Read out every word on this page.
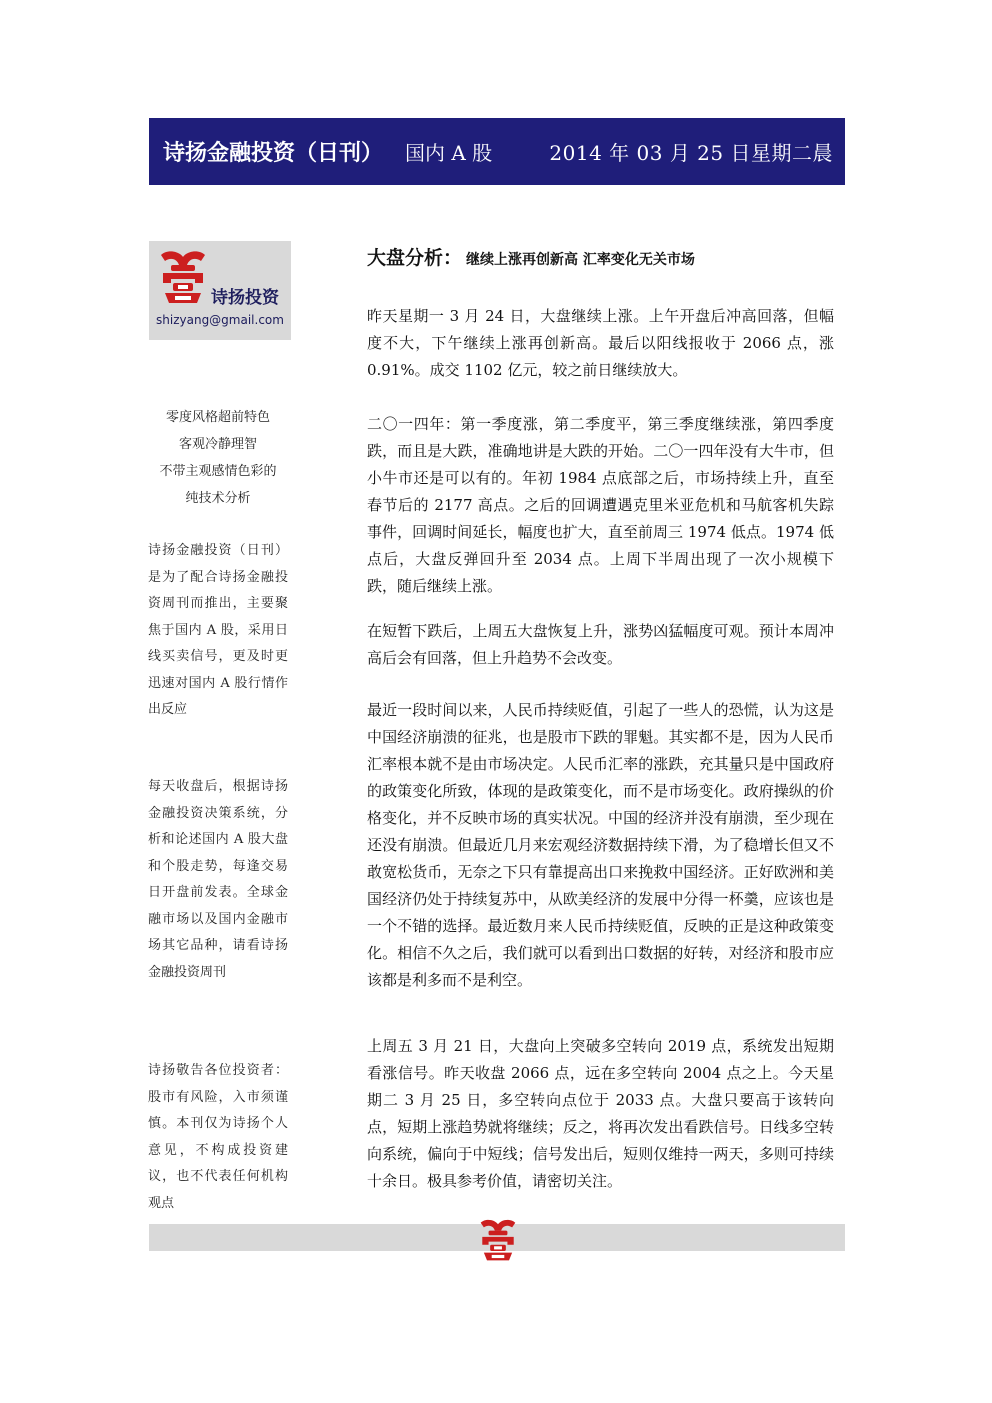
诗扬金融投资（日刊） 国内 A 股	2014 年 03 月 25 日星期二晨
诗扬投资
shizyang@gmail.com
零度风格超前特色
客观冷静理智
不带主观感情色彩的
纯技术分析
诗扬金融投资（日刊）是为了配合诗扬金融投资周刊而推出，主要聚焦于国内 A 股，采用日线买卖信号，更及时更迅速对国内 A 股行情作出反应
每天收盘后，根据诗扬金融投资决策系统，分析和论述国内 A 股大盘和个股走势，每逢交易日开盘前发表。全球金融市场以及国内金融市场其它品种，请看诗扬金融投资周刊
诗扬敬告各位投资者：股市有风险，入市须谨慎。本刊仅为诗扬个人意见，不构成投资建议，也不代表任何机构观点
大盘分析： 继续上涨再创新高 汇率变化无关市场

昨天星期一 3 月 24 日，大盘继续上涨。上午开盘后冲高回落，但幅度不大，下午继续上涨再创新高。最后以阳线报收于 2066 点，涨 0.91%。成交 1102 亿元，较之前日继续放大。

二〇一四年：第一季度涨，第二季度平，第三季度继续涨，第四季度跌，而且是大跌，准确地讲是大跌的开始。二〇一四年没有大牛市，但小牛市还是可以有的。年初 1984 点底部之后，市场持续上升，直至春节后的 2177 高点。之后的回调遭遇克里米亚危机和马航客机失踪事件，回调时间延长，幅度也扩大，直至前周三 1974 低点。1974 低点后，大盘反弹回升至 2034 点。上周下半周出现了一次小规模下跌，随后继续上涨。

在短暂下跌后，上周五大盘恢复上升，涨势凶猛幅度可观。预计本周冲高后会有回落，但上升趋势不会改变。

最近一段时间以来，人民币持续贬值，引起了一些人的恐慌，认为这是中国经济崩溃的征兆，也是股市下跌的罪魁。其实都不是，因为人民币汇率根本就不是由市场决定。人民币汇率的涨跌，充其量只是中国政府的政策变化所致，体现的是政策变化，而不是市场变化。政府操纵的价格变化，并不反映市场的真实状况。中国的经济并没有崩溃，至少现在还没有崩溃。但最近几月来宏观经济数据持续下滑，为了稳增长但又不敢宽松货币，无奈之下只有靠提高出口来挽救中国经济。正好欧洲和美国经济仍处于持续复苏中，从欧美经济的发展中分得一杯羹，应该也是一个不错的选择。最近数月来人民币持续贬值，反映的正是这种政策变化。相信不久之后，我们就可以看到出口数据的好转，对经济和股市应该都是利多而不是利空。

上周五 3 月 21 日，大盘向上突破多空转向 2019 点，系统发出短期看涨信号。昨天收盘 2066 点，远在多空转向 2004 点之上。今天星期二 3 月 25 日，多空转向点位于 2033 点。大盘只要高于该转向点，短期上涨趋势就将继续；反之，将再次发出看跌信号。日线多空转向系统，偏向于中短线；信号发出后，短则仅维持一两天，多则可持续十余日。极具参考价值，请密切关注。
